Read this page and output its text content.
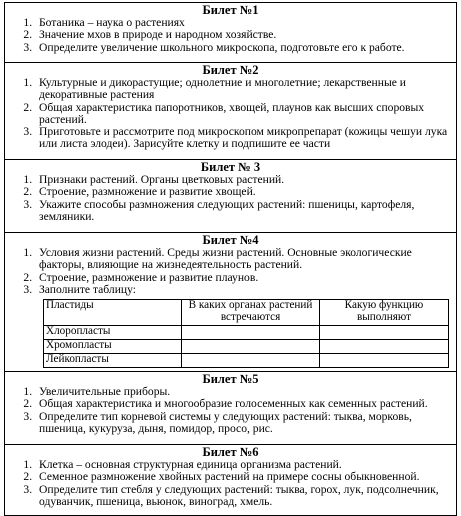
Билет №1
1. Ботаника – наука о растениях
2. Значение мхов в природе и народном хозяйстве.
3. Определите увеличение школьного микроскопа, подготовьте его к работе.
Билет №2
1. Культурные и дикорастущие; однолетние и многолетние; лекарственные и декоративные растения
2. Общая характеристика папоротников, хвощей, плаунов как высших споровых растений.
3. Приготовьте и рассмотрите под микроскопом микропрепарат (кожицы чешуи лука или листа элодеи). Зарисуйте клетку и подпишите ее части
Билет № 3
1. Признаки растений. Органы цветковых растений.
2. Строение, размножение и развитие хвощей.
3. Укажите способы размножения следующих растений: пшеницы, картофеля, земляники.
Билет №4
1. Условия жизни растений. Среды жизни растений. Основные экологические факторы, влияющие на жизнедеятельность растений.
2. Строение, размножение и развитие плаунов.
3. Заполните таблицу:
Пластиды	В каких органах растений встречаются	Какую функцию выполняют
Хлоропласты		
Хромопласты		
Лейкопласты		
Билет №5
1. Увеличительные приборы.
2. Общая характеристика и многообразие голосеменных как семенных растений.
3. Определите тип корневой системы у следующих растений: тыква, морковь, пшеница, кукуруза, дыня, помидор, просо, рис.
Билет №6
1. Клетка – основная структурная единица организма растений.
2. Семенное размножение хвойных растений на примере сосны обыкновенной.
3. Определите тип стебля у следующих растений: тыква, горох, лук, подсолнечник, одуванчик, пшеница, вьюнок, виноград, хмель.
